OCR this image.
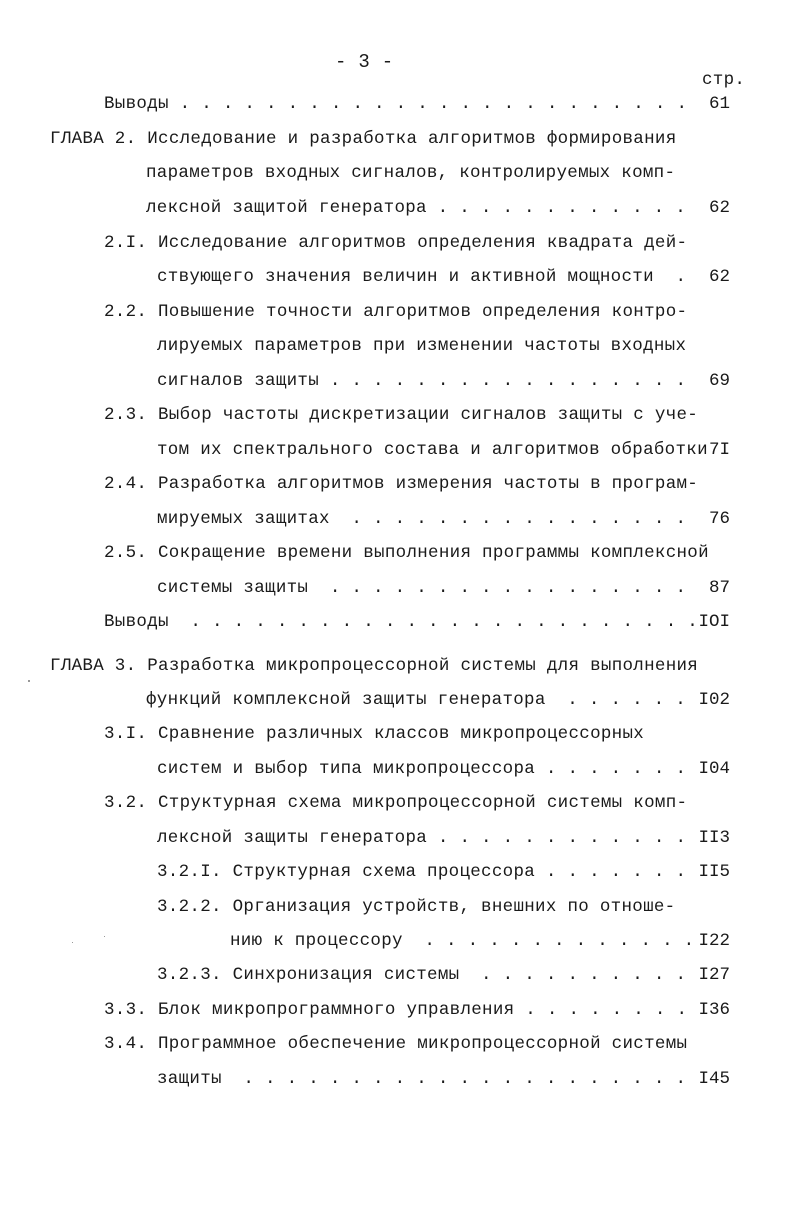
- 3 -
стр.
Выводы . . . . . . . . . . . . . . . . . . . . . . . .	61
ГЛАВА 2. Исследование и разработка алгоритмов формирования
параметров входных сигналов, контролируемых комп-
лексной защитой генератора . . . . . . . . . . . .	62
2.I. Исследование алгоритмов определения квадрата дей-
ствующего значения величин и активной мощности  .	62
2.2. Повышение точности алгоритмов определения контро-
лируемых параметров при изменении частоты входных
сигналов защиты . . . . . . . . . . . . . . . . .	69
2.3. Выбор частоты дискретизации сигналов защиты с уче-
том их спектрального состава и алгоритмов обработки 7I
2.4. Разработка алгоритмов измерения частоты в програм-
мируемых защитах  . . . . . . . . . . . . . . . .	76
2.5. Сокращение времени выполнения программы комплексной
системы защиты  . . . . . . . . . . . . . . . . .	87
Выводы  . . . . . . . . . . . . . . . . . . . . . . . . IOI
ГЛАВА 3. Разработка микропроцессорной системы для выполнения
функций комплексной защиты генератора  . . . . . . I02
3.I. Сравнение различных классов микропроцессорных
систем и выбор типа микропроцессора . . . . . . . I04
3.2. Структурная схема микропроцессорной системы комп-
лексной защиты генератора . . . . . . . . . . . . II3
3.2.I. Структурная схема процессора . . . . . . . II5
3.2.2. Организация устройств, внешних по отноше-
нию к процессору  . . . . . . . . . . . . . I22
3.2.3. Синхронизация системы  . . . . . . . . . . I27
3.3. Блок микропрограммного управления . . . . . . . . I36
3.4. Программное обеспечение микропроцессорной системы
защиты  . . . . . . . . . . . . . . . . . . . . . I45
